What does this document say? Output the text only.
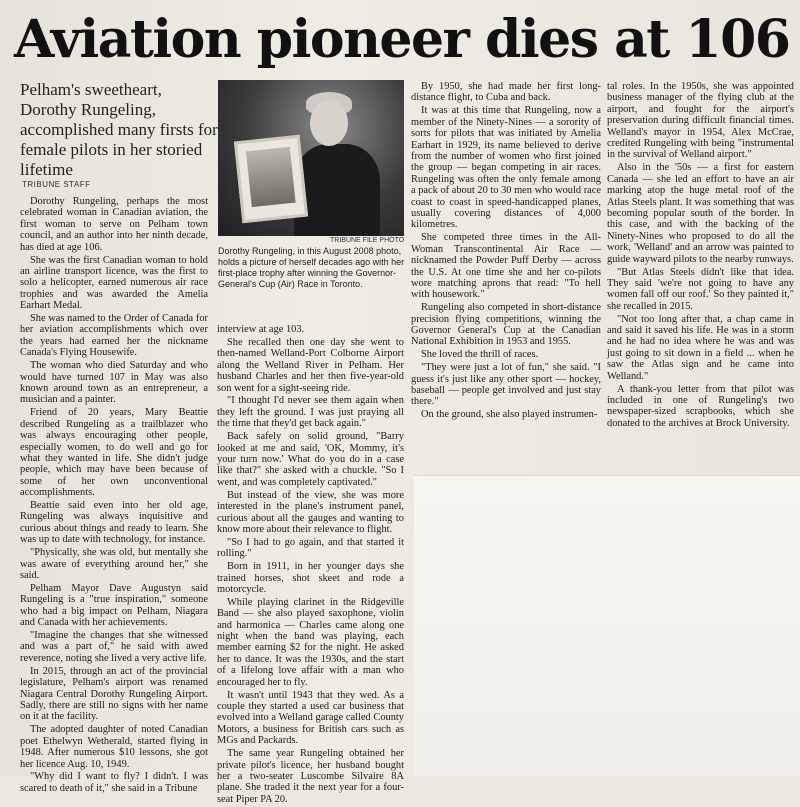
Aviation pioneer dies at 106

Pelham's sweetheart, Dorothy Rungeling, accomplished many firsts for female pilots in her storied lifetime

TRIBUNE STAFF
TRIBUNE FILE PHOTO
Dorothy Rungeling, in this August 2008 photo, holds a picture of herself decades ago with her first-place trophy after winning the Governor-General's Cup (Air) Race in Toronto.

Dorothy Rungeling, perhaps the most celebrated woman in Canadian aviation, the first woman to serve on Pelham town council, and an author into her ninth decade, has died at age 106.

She was the first Canadian woman to hold an airline transport licence, was the first to solo a helicopter, earned numerous air race trophies and was awarded the Amelia Earhart Medal.

She was named to the Order of Canada for her aviation accomplishments which over the years had earned her the nickname Canada's Flying Housewife.

The woman who died Saturday and who would have turned 107 in May was also known around town as an entrepreneur, a musician and a painter.

Friend of 20 years, Mary Beattie described Rungeling as a trailblazer who was always encouraging other people, especially women, to do well and go for what they wanted in life. She didn't judge people, which may have been because of some of her own unconventional accomplishments.

Beattie said even into her old age, Rungeling was always inquisitive and curious about things and ready to learn. She was up to date with technology, for instance.

"Physically, she was old, but mentally she was aware of everything around her," she said.

Pelham Mayor Dave Augustyn said Rungeling is a "true inspiration," someone who had a big impact on Pelham, Niagara and Canada with her achievements.

"Imagine the changes that she witnessed and was a part of," he said with awed reverence, noting she lived a very active life.

In 2015, through an act of the provincial legislature, Pelham's airport was renamed Niagara Central Dorothy Rungeling Airport. Sadly, there are still no signs with her name on it at the facility.

The adopted daughter of noted Canadian poet Ethelwyn Wetherald, started flying in 1948. After numerous $10 lessons, she got her licence Aug. 10, 1949.

"Why did I want to fly? I didn't. I was scared to death of it," she said in a Tribune

interview at age 103.

She recalled then one day she went to then-named Welland-Port Colborne Airport along the Welland River in Pelham. Her husband Charles and her then five-year-old son went for a sight-seeing ride.

"I thought I'd never see them again when they left the ground. I was just praying all the time that they'd get back again."

Back safely on solid ground, "Barry looked at me and said, 'OK, Mommy, it's your turn now.' What do you do in a case like that?" she asked with a chuckle. "So I went, and was completely captivated."

But instead of the view, she was more interested in the plane's instrument panel, curious about all the gauges and wanting to know more about their relevance to flight.

"So I had to go again, and that started it rolling."

Born in 1911, in her younger days she trained horses, shot skeet and rode a motorcycle.

While playing clarinet in the Ridgeville Band — she also played saxophone, violin and harmonica — Charles came along one night when the band was playing, each member earning $2 for the night. He asked her to dance. It was the 1930s, and the start of a lifelong love affair with a man who encouraged her to fly.

It wasn't until 1943 that they wed. As a couple they started a used car business that evolved into a Welland garage called County Motors, a business for British cars such as MGs and Packards.

The same year Rungeling obtained her private pilot's licence, her husband bought her a two-seater Luscombe Silvaire 8A plane. She traded it the next year for a four-seat Piper PA 20.

By 1950, she had made her first long-distance flight, to Cuba and back.

It was at this time that Rungeling, now a member of the Ninety-Nines — a sorority of sorts for pilots that was initiated by Amelia Earhart in 1929, its name believed to derive from the number of women who first joined the group — began competing in air races. Rungeling was often the only female among a pack of about 20 to 30 men who would race coast to coast in speed-handicapped planes, usually covering distances of 4,000 kilometres.

She competed three times in the All-Woman Transcontinental Air Race — nicknamed the Powder Puff Derby — across the U.S. At one time she and her co-pilots wore matching aprons that read: "To hell with housework."

Rungeling also competed in short-distance precision flying competitions, winning the Governor General's Cup at the Canadian National Exhibition in 1953 and 1955.

She loved the thrill of races.

"They were just a lot of fun," she said. "I guess it's just like any other sport — hockey, baseball — people get involved and just stay there."

On the ground, she also played instrumen-

tal roles. In the 1950s, she was appointed business manager of the flying club at the airport, and fought for the airport's preservation during difficult financial times. Welland's mayor in 1954, Alex McCrae, credited Rungeling with being "instrumental in the survival of Welland airport."

Also in the '50s — a first for eastern Canada — she led an effort to have an air marking atop the huge metal roof of the Atlas Steels plant. It was something that was becoming popular south of the border. In this case, and with the backing of the Ninety-Nines who proposed to do all the work, 'Welland' and an arrow was painted to guide wayward pilots to the nearby runways.

"But Atlas Steels didn't like that idea. They said 'we're not going to have any women fall off our roof.' So they painted it," she recalled in 2015.

"Not too long after that, a chap came in and said it saved his life. He was in a storm and he had no idea where he was and was just going to sit down in a field ... when he saw the Atlas sign and he came into Welland."

A thank-you letter from that pilot was included in one of Rungeling's two newspaper-sized scrapbooks, which she donated to the archives at Brock University.
